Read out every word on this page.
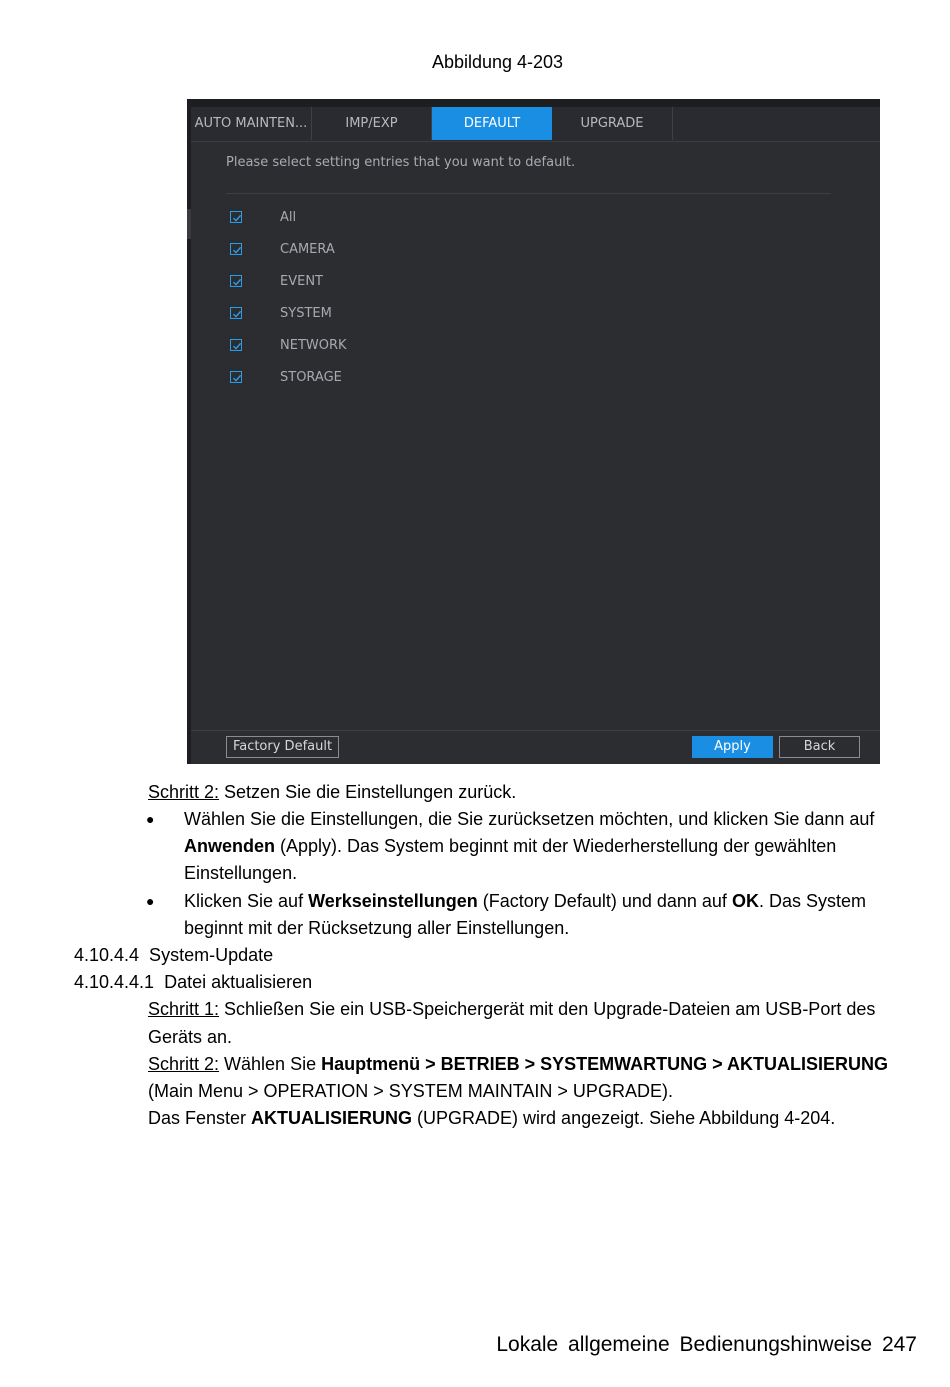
Abbildung 4-203
AUTO MAINTEN...	IMP/EXP	DEFAULT	UPGRADE
Please select setting entries that you want to default.
All
CAMERA
EVENT
SYSTEM
NETWORK
STORAGE
Factory Default	Apply	Back
Schritt 2: Setzen Sie die Einstellungen zurück.
● Wählen Sie die Einstellungen, die Sie zurücksetzen möchten, und klicken Sie dann auf
Anwenden (Apply). Das System beginnt mit der Wiederherstellung der gewählten
Einstellungen.
● Klicken Sie auf Werkseinstellungen (Factory Default) und dann auf OK. Das System
beginnt mit der Rücksetzung aller Einstellungen.
4.10.4.4  System-Update
4.10.4.4.1  Datei aktualisieren
Schritt 1: Schließen Sie ein USB-Speichergerät mit den Upgrade-Dateien am USB-Port des
Geräts an.
Schritt 2: Wählen Sie Hauptmenü > BETRIEB > SYSTEMWARTUNG > AKTUALISIERUNG
(Main Menu > OPERATION > SYSTEM MAINTAIN > UPGRADE).
Das Fenster AKTUALISIERUNG (UPGRADE) wird angezeigt. Siehe Abbildung 4-204.
Lokale allgemeine Bedienungshinweise 247
